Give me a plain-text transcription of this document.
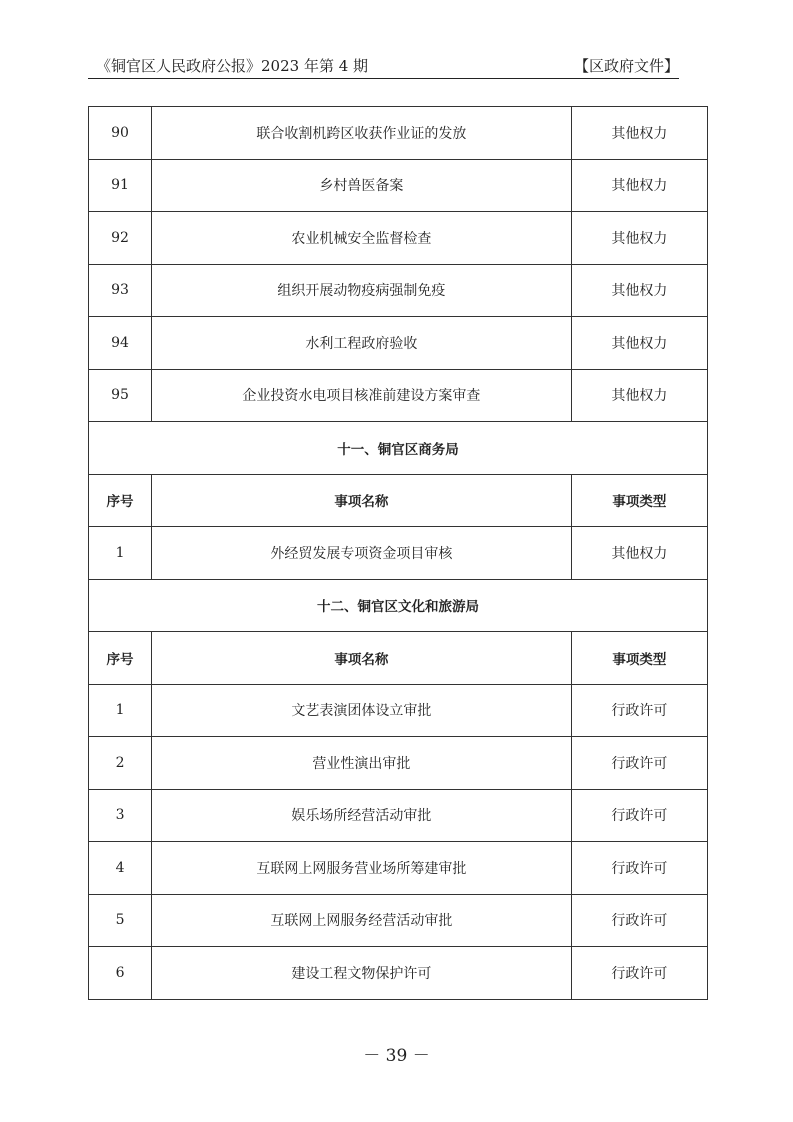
《铜官区人民政府公报》2023 年第 4 期	【区政府文件】
90	联合收割机跨区收获作业证的发放	其他权力
91	乡村兽医备案	其他权力
92	农业机械安全监督检查	其他权力
93	组织开展动物疫病强制免疫	其他权力
94	水利工程政府验收	其他权力
95	企业投资水电项目核准前建设方案审查	其他权力
十一、铜官区商务局		
序号	事项名称	事项类型
1	外经贸发展专项资金项目审核	其他权力
十二、铜官区文化和旅游局		
序号	事项名称	事项类型
1	文艺表演团体设立审批	行政许可
2	营业性演出审批	行政许可
3	娱乐场所经营活动审批	行政许可
4	互联网上网服务营业场所筹建审批	行政许可
5	互联网上网服务经营活动审批	行政许可
6	建设工程文物保护许可	行政许可
－ 39 －
